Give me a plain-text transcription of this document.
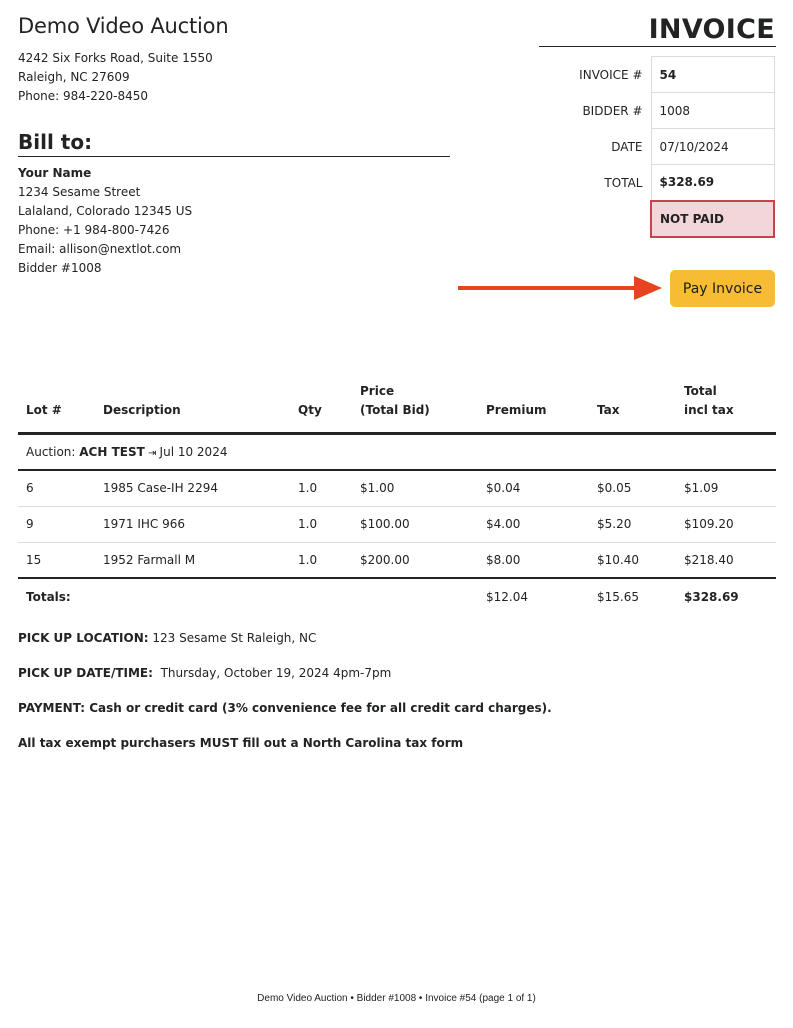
Demo Video Auction
4242 Six Forks Road, Suite 1550
Raleigh, NC 27609
Phone: 984-220-8450
INVOICE
INVOICE #	54
BIDDER #	1008
DATE	07/10/2024
TOTAL	$328.69
	NOT PAID
Bill to:
Your Name
1234 Sesame Street
Lalaland, Colorado 12345 US
Phone: +1 984-800-7426
Email: allison@nextlot.com
Bidder #1008
Pay Invoice
Lot #	Description	Qty	
Price
(Total Bid)	Premium	Tax	
Total
incl tax

Auction: ACH TEST ⇥ Jul 10 2024						
6	1985 Case-IH 2294	1.0	$1.00	$0.04	$0.05	$1.09
9	1971 IHC 966	1.0	$100.00	$4.00	$5.20	$109.20
15	1952 Farmall M	1.0	$200.00	$8.00	$10.40	$218.40
Totals:				$12.04	$15.65	$328.69

PICK UP LOCATION: 123 Sesame St Raleigh, NC

PICK UP DATE/TIME:  Thursday, October 19, 2024 4pm-7pm

PAYMENT: Cash or credit card (3% convenience fee for all credit card charges).

All tax exempt purchasers MUST fill out a North Carolina tax form

Demo Video Auction • Bidder #1008 • Invoice #54 (page 1 of 1)
